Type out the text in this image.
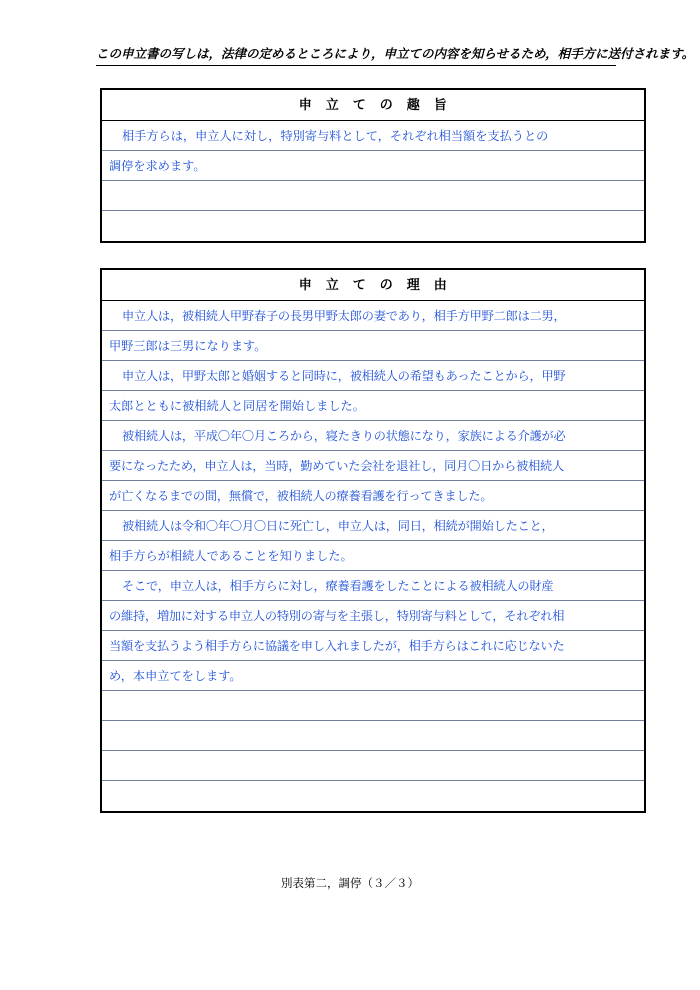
この申立書の写しは，法律の定めるところにより，申立ての内容を知らせるため，相手方に送付されます。
申　立　て　の　趣　旨
相手方らは，申立人に対し，特別寄与料として，それぞれ相当額を支払うとの
調停を求めます。
申　立　て　の　理　由
申立人は，被相続人甲野春子の長男甲野太郎の妻であり，相手方甲野二郎は二男，
甲野三郎は三男になります。
申立人は，甲野太郎と婚姻すると同時に，被相続人の希望もあったことから，甲野
太郎とともに被相続人と同居を開始しました。
被相続人は，平成〇年〇月ころから，寝たきりの状態になり，家族による介護が必
要になったため，申立人は，当時，勤めていた会社を退社し，同月〇日から被相続人
が亡くなるまでの間，無償で，被相続人の療養看護を行ってきました。
被相続人は令和〇年〇月〇日に死亡し，申立人は，同日，相続が開始したこと，
相手方らが相続人であることを知りました。
そこで，申立人は，相手方らに対し，療養看護をしたことによる被相続人の財産
の維持，増加に対する申立人の特別の寄与を主張し，特別寄与料として，それぞれ相
当額を支払うよう相手方らに協議を申し入れましたが，相手方らはこれに応じないた
め，本申立てをします。
別表第二，調停（３／３）
